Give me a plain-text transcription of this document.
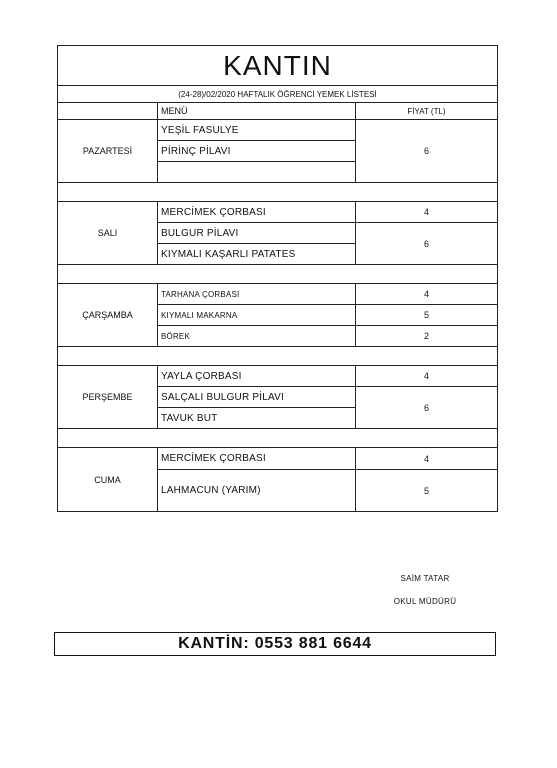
KANTIN		
(24-28)/02/2020 HAFTALIK ÖĞRENCİ YEMEK LİSTESİ		
	MENÜ	FİYAT (TL)
PAZARTESİ	YEŞİL FASULYE	6
	PİRİNÇ PİLAVI	

SALI	MERCİMEK ÇORBASI	4
	BULGUR PİLAVI	6
	KIYMALI KAŞARLI PATATES	

ÇARŞAMBA	TARHANA ÇORBASI	4
	KIYMALI MAKARNA	5
	BÖREK	2

PERŞEMBE	YAYLA ÇORBASI	4
	SALÇALI BULGUR PİLAVI	6
	TAVUK BUT	

CUMA	MERCİMEK ÇORBASI	4
	LAHMACUN (YARIM)	5
SAİM TATAR
OKUL MÜDÜRÜ
KANTİN: 0553 881 6644
